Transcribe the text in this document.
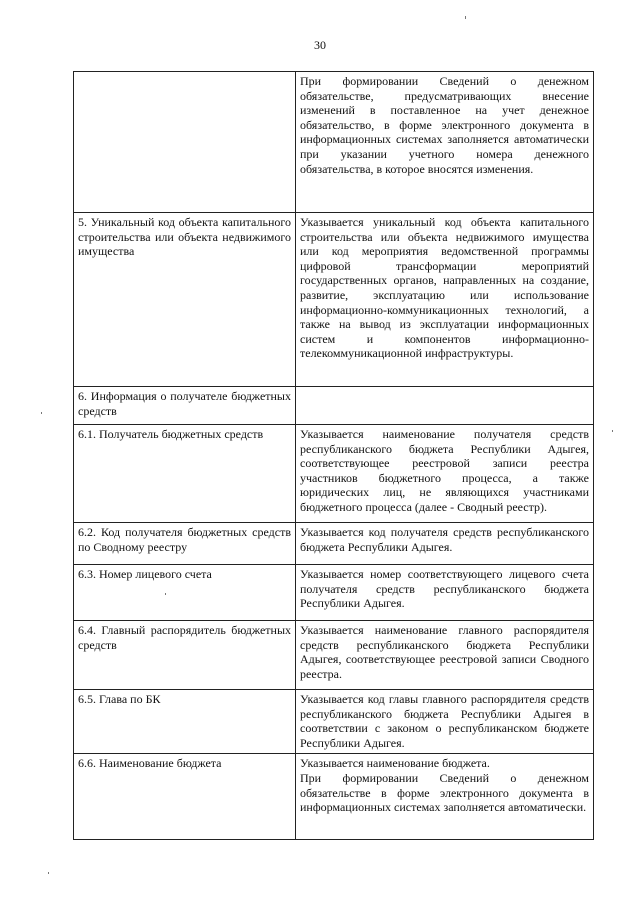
30

	При формировании Сведений о денежном обязательстве, предусматривающих внесение изменений в поставленное на учет денежное обязательство, в форме электронного документа в информационных системах заполняется автоматически при указании учетного номера денежного обязательства, в которое вносятся изменения.

5. Уникальный код объекта капитального строительства или объекта недвижимого имущества	Указывается уникальный код объекта капитального строительства или объекта недвижимого имущества или код мероприятия ведомственной программы цифровой трансформации мероприятий государственных органов, направленных на создание, развитие, эксплуатацию или использование информационно-коммуникационных технологий, а также на вывод из эксплуатации информационных систем и компонентов информационно-телекоммуникационной инфраструктуры.

6. Информация о получателе бюджетных средств	
6.1. Получатель бюджетных средств	Указывается наименование получателя средств республиканского бюджета Республики Адыгея, соответствующее реестровой записи реестра участников бюджетного процесса, а также юридических лиц, не являющихся участниками бюджетного процесса (далее - Сводный реестр).

6.2. Код получателя бюджетных средств по Сводному реестру	Указывается код получателя средств республиканского бюджета Республики Адыгея.

6.3. Номер лицевого счета	Указывается номер соответствующего лицевого счета получателя средств республиканского бюджета Республики Адыгея.

6.4. Главный распорядитель бюджетных средств	Указывается наименование главного распорядителя средств республиканского бюджета Республики Адыгея, соответствующее реестровой записи Сводного реестра.

6.5. Глава по БК	Указывается код главы главного распорядителя средств республиканского бюджета Республики Адыгея в соответствии с законом о республиканском бюджете Республики Адыгея.

6.6. Наименование бюджета	Указывается наименование бюджета.
При формировании Сведений о денежном обязательстве в форме электронного документа в информационных системах заполняется автоматически.
